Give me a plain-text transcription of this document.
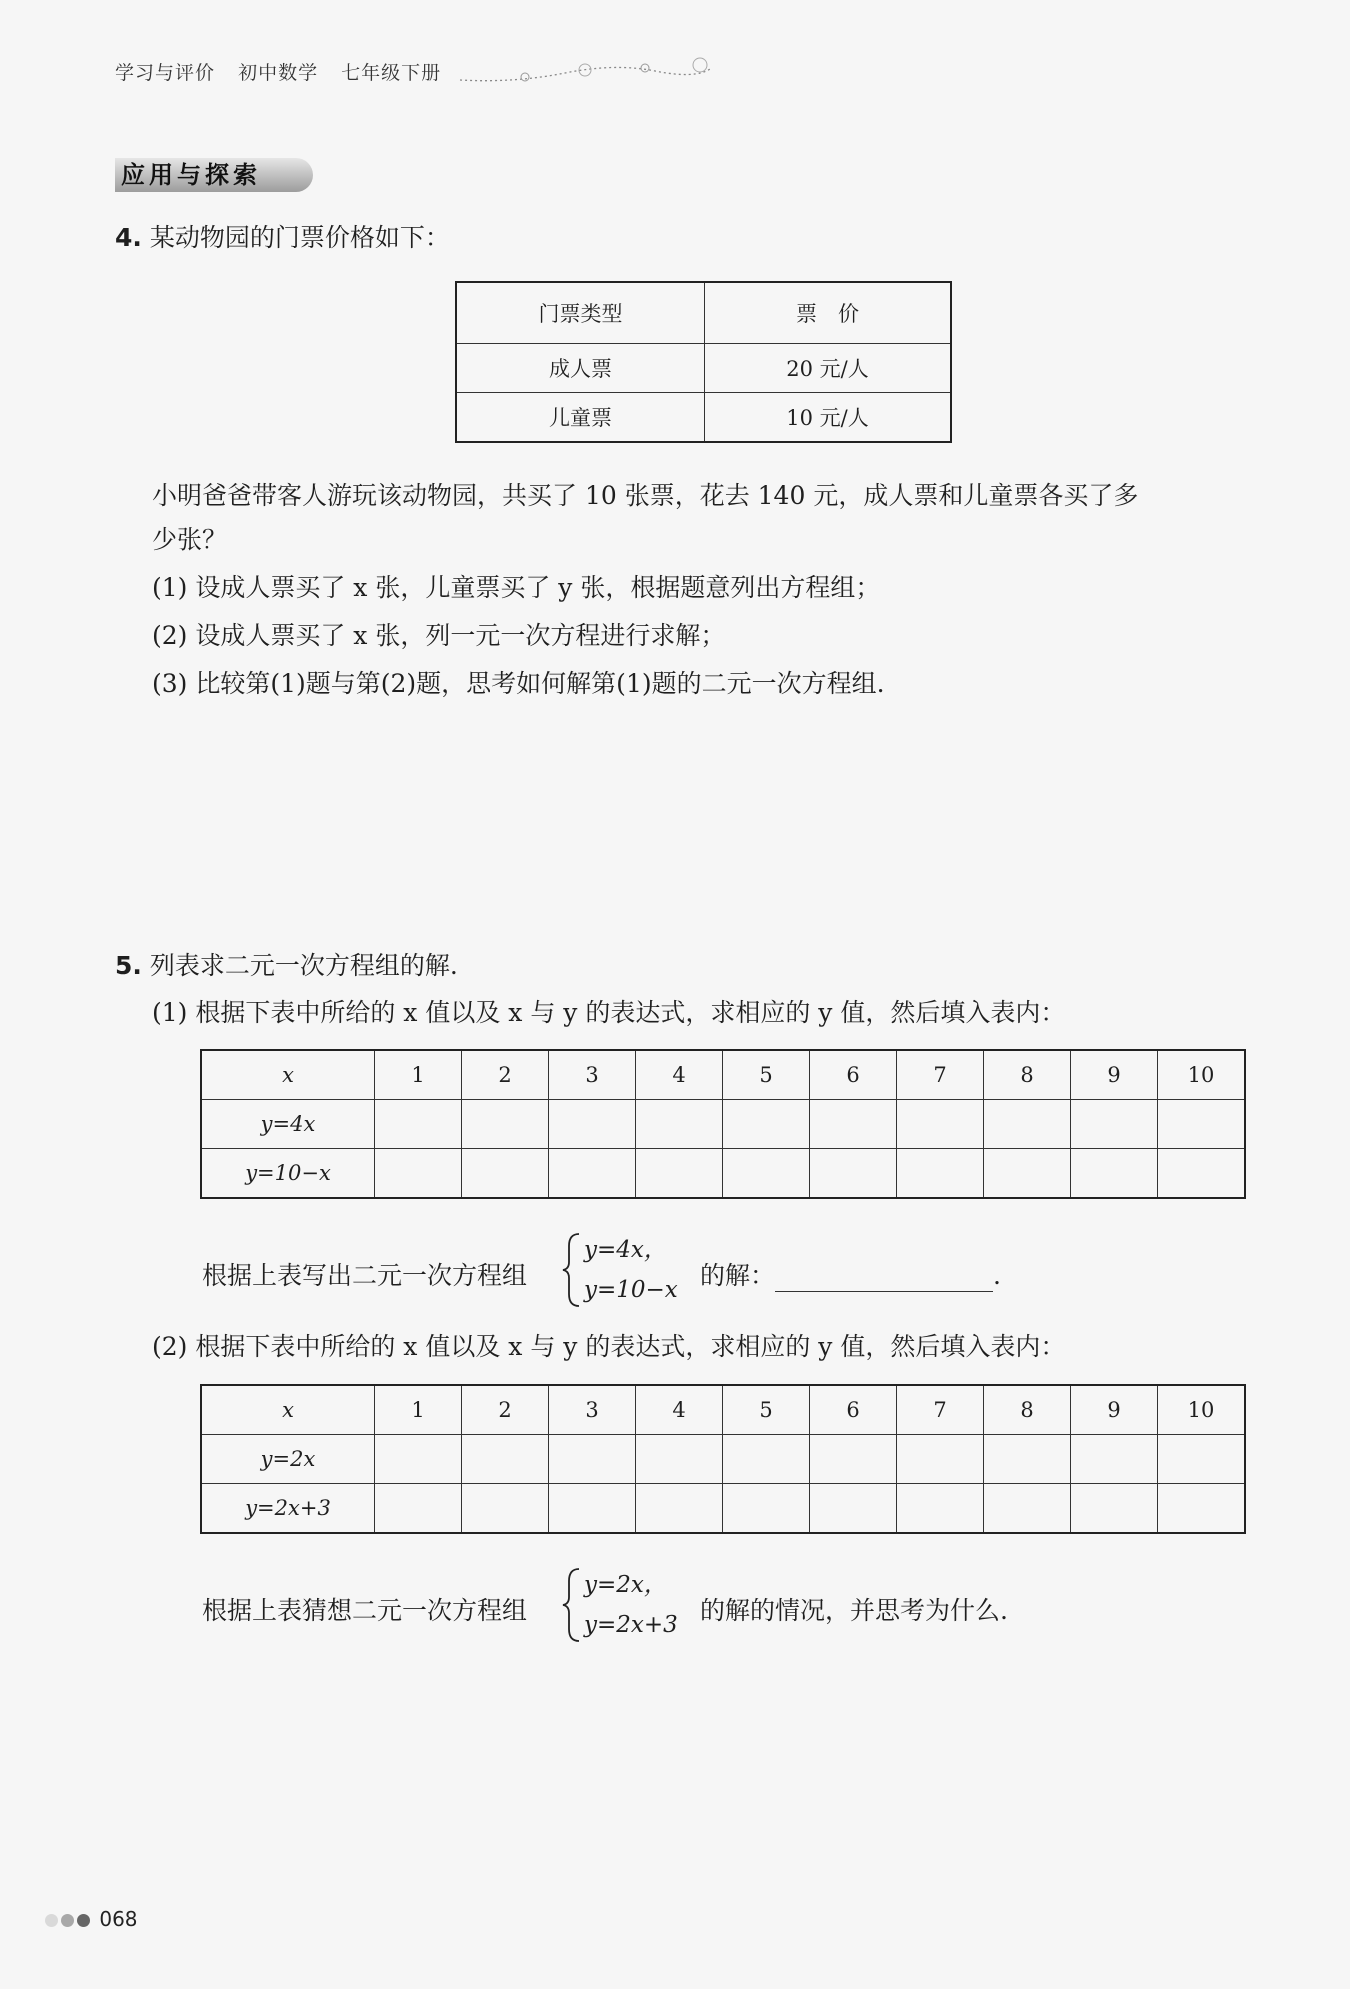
学习与评价 初中数学 七年级下册
应用与探索
4. 某动物园的门票价格如下：
门票类型	票　价
成人票	20 元/人
儿童票	10 元/人
小明爸爸带客人游玩该动物园，共买了 10 张票，花去 140 元，成人票和儿童票各买了多
少张？
(1) 设成人票买了 x 张，儿童票买了 y 张，根据题意列出方程组；
(2) 设成人票买了 x 张，列一元一次方程进行求解；
(3) 比较第(1)题与第(2)题，思考如何解第(1)题的二元一次方程组.
5. 列表求二元一次方程组的解.
(1) 根据下表中所给的 x 值以及 x 与 y 的表达式，求相应的 y 值，然后填入表内：
x	1	2	3	4	5	6	7	8	9	10
y=4x										
y=10−x										
根据上表写出二元一次方程组
y=4x，
y=10−x 的解：	.
(2) 根据下表中所给的 x 值以及 x 与 y 的表达式，求相应的 y 值，然后填入表内：
x	1	2	3	4	5	6	7	8	9	10
y=2x										
y=2x+3										
根据上表猜想二元一次方程组
y=2x，
y=2x+3 的解的情况，并思考为什么.
068
